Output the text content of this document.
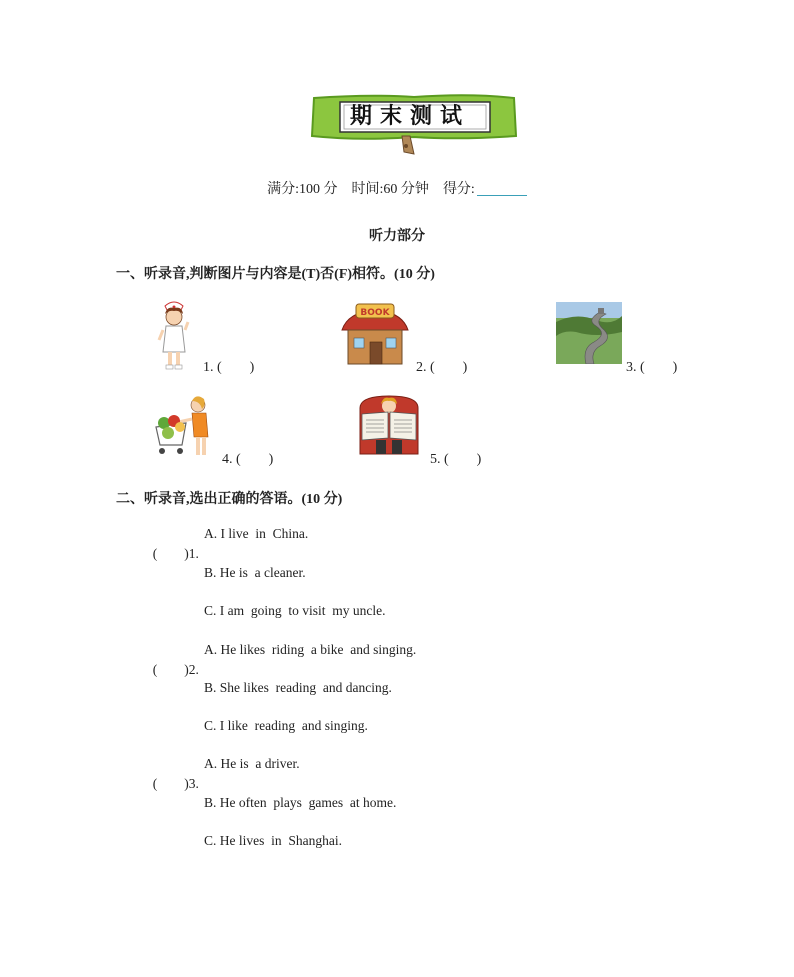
期末测试
满分:100 分 时间:60 分钟 得分:
听力部分
一、听录音,判断图片与内容是(T)否(F)相符。(10 分)
1. (　　)
BOOK
2. (　　)	3. (　　)
4. (　　)	5. (　　)
二、听录音,选出正确的答语。(10 分)

(　　)1.

A. I live  in  China.
B. He is  a cleaner.
C. I am  going  to visit  my uncle.

(　　)2.

A. He likes  riding  a bike  and singing.
B. She likes  reading  and dancing.
C. I like  reading  and singing.

(　　)3.

A. He is  a driver.
B. He often  plays  games  at home.
C. He lives  in  Shanghai.
